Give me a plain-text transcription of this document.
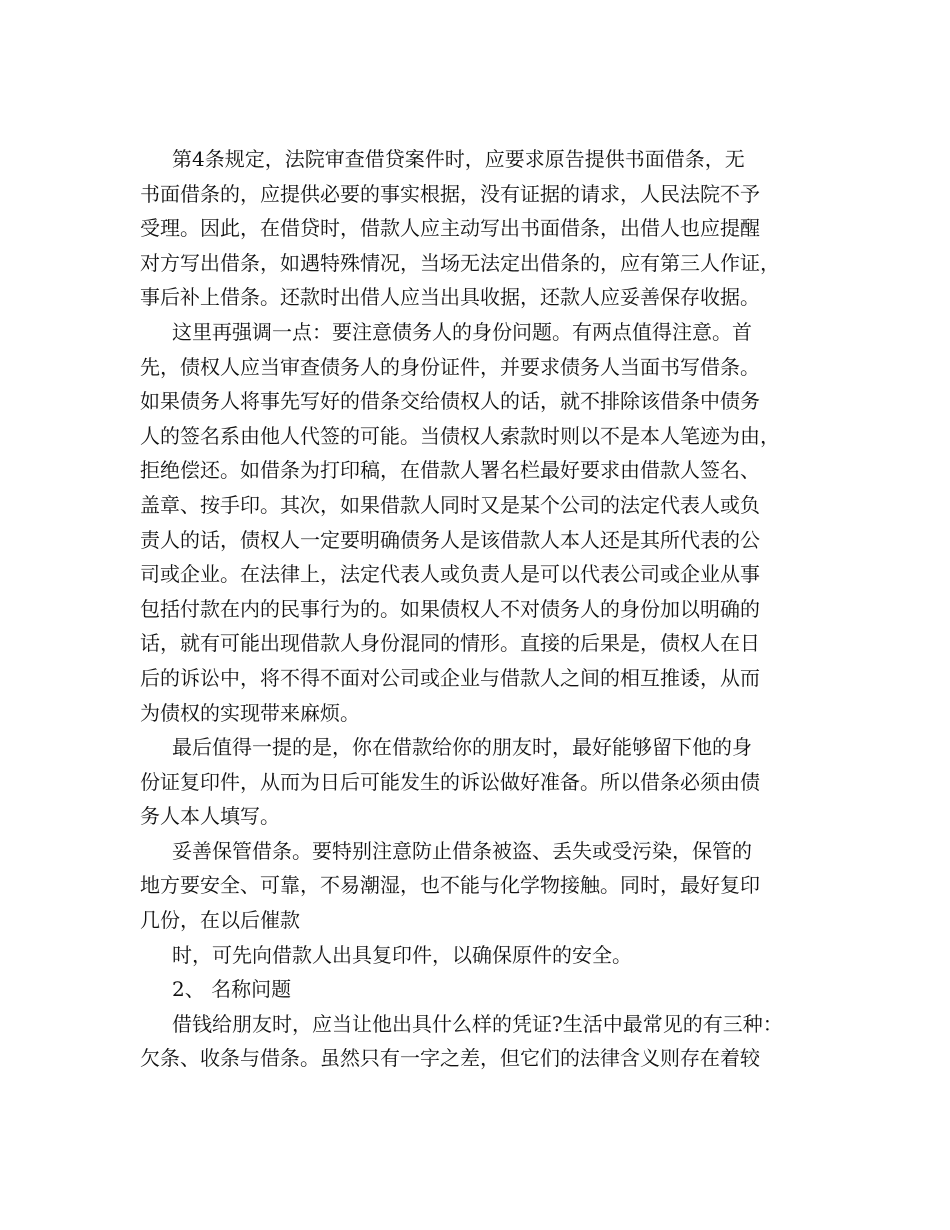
第4条规定，法院审查借贷案件时，应要求原告提供书面借条，无
书面借条的，应提供必要的事实根据，没有证据的请求，人民法院不予
受理。因此，在借贷时，借款人应主动写出书面借条，出借人也应提醒
对方写出借条，如遇特殊情况，当场无法定出借条的，应有第三人作证，
事后补上借条。还款时出借人应当出具收据，还款人应妥善保存收据。

这里再强调一点：要注意债务人的身份问题。有两点值得注意。首
先，债权人应当审查债务人的身份证件，并要求债务人当面书写借条。
如果债务人将事先写好的借条交给债权人的话，就不排除该借条中债务
人的签名系由他人代签的可能。当债权人索款时则以不是本人笔迹为由，
拒绝偿还。如借条为打印稿，在借款人署名栏最好要求由借款人签名、
盖章、按手印。其次，如果借款人同时又是某个公司的法定代表人或负
责人的话，债权人一定要明确债务人是该借款人本人还是其所代表的公
司或企业。在法律上，法定代表人或负责人是可以代表公司或企业从事
包括付款在内的民事行为的。如果债权人不对债务人的身份加以明确的
话，就有可能出现借款人身份混同的情形。直接的后果是，债权人在日
后的诉讼中，将不得不面对公司或企业与借款人之间的相互推诿，从而
为债权的实现带来麻烦。

最后值得一提的是，你在借款给你的朋友时，最好能够留下他的身
份证复印件，从而为日后可能发生的诉讼做好准备。所以借条必须由债
务人本人填写。

妥善保管借条。要特别注意防止借条被盗、丢失或受污染，保管的
地方要安全、可靠，不易潮湿，也不能与化学物接触。同时，最好复印
几份，在以后催款

时，可先向借款人出具复印件，以确保原件的安全。

2、 名称问题

借钱给朋友时，应当让他出具什么样的凭证?生活中最常见的有三种：
欠条、收条与借条。虽然只有一字之差，但它们的法律含义则存在着较
